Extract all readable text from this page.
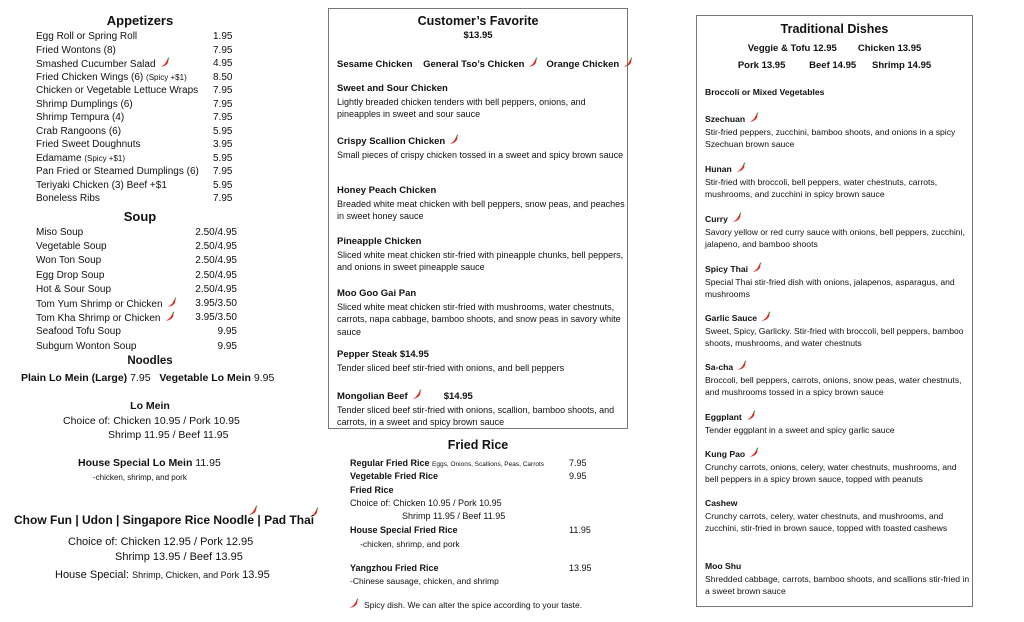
Appetizers
Egg Roll or Spring Roll	1.95
Fried Wontons (8)	7.95
Smashed Cucumber Salad	4.95
Fried Chicken Wings (6) (Spicy +$1)	8.50
Chicken or Vegetable Lettuce Wraps 7.95
Shrimp Dumplings (6)	7.95
Shrimp Tempura (4)	7.95
Crab Rangoons (6)	5.95
Fried Sweet Doughnuts	3.95
Edamame (Spicy +$1)	5.95
Pan Fried or Steamed Dumplings (6) 7.95
Teriyaki Chicken (3) Beef +$1	5.95
Boneless Ribs	7.95
Soup
Miso Soup	2.50/4.95
Vegetable Soup	2.50/4.95
Won Ton Soup	2.50/4.95
Egg Drop Soup	2.50/4.95
Hot & Sour Soup	2.50/4.95
Tom Yum Shrimp or Chicken	3.95/3.50
Tom Kha Shrimp or Chicken	3.95/3.50
Seafood Tofu Soup	9.95
Subgum Wonton Soup	9.95
Noodles
Plain Lo Mein (Large) 7.95 Vegetable Lo Mein 9.95
Lo Mein
Choice of: Chicken 10.95 / Pork 10.95
Shrimp 11.95 / Beef 11.95
House Special Lo Mein 11.95
-chicken, shrimp, and pork
Chow Fun | Udon | Singapore Rice Noodle | Pad Thai
Choice of: Chicken 12.95 / Pork 12.95
Shrimp 13.95 / Beef 13.95
House Special: Shrimp, Chicken, and Pork 13.95
Customer’s Favorite
$13.95
Sesame Chicken General Tso’s Chicken Orange Chicken
Sweet and Sour Chicken
Lightly breaded chicken tenders with bell peppers, onions, and pineapples in sweet and sour sauce
Crispy Scallion Chicken
Small pieces of crispy chicken tossed in a sweet and spicy brown sauce
Honey Peach Chicken
Breaded white meat chicken with bell peppers, snow peas, and peaches in sweet honey sauce
Pineapple Chicken
Sliced white meat chicken stir-fried with pineapple chunks, bell peppers, and onions in sweet pineapple sauce
Moo Goo Gai Pan
Sliced white meat chicken stir-fried with mushrooms, water chestnuts, carrots, napa cabbage, bamboo shoots, and snow peas in savory white sauce
Pepper Steak $14.95
Tender sliced beef stir-fried with onions, and bell peppers
Mongolian Beef	$14.95
Tender sliced beef stir-fried with onions, scallion, bamboo shoots, and carrots, in a sweet and spicy brown sauce
Fried Rice
Regular Fried Rice Eggs, Onions, Scallions, Peas, Carrots	7.95
Vegetable Fried Rice	9.95
Fried Rice
Choice of: Chicken 10.95 / Pork 10.95
Shrimp 11.95 / Beef 11.95
House Special Fried Rice	11.95
-chicken, shrimp, and pork
Yangzhou Fried Rice	13.95
-Chinese sausage, chicken, and shrimp
Spicy dish. We can alter the spice according to your taste.
Traditional Dishes
Veggie & Tofu 12.95 Chicken 13.95
Pork 13.95	Beef 14.95 Shrimp 14.95
Broccoli or Mixed Vegetables
Szechuan
Stir-fried peppers, zucchini, bamboo shoots, and onions in a spicy Szechuan brown sauce
Hunan
Stir-fried with broccoli, bell peppers, water chestnuts, carrots, mushrooms, and zucchini in spicy brown sauce
Curry
Savory yellow or red curry sauce with onions, bell peppers, zucchini, jalapeno, and bamboo shoots
Spicy Thai
Special Thai stir-fried dish with onions, jalapenos, asparagus, and mushrooms
Garlic Sauce
Sweet, Spicy, Garlicky. Stir-fried with broccoli, bell peppers, bamboo shoots, mushrooms, and water chestnuts
Sa-cha
Broccoli, bell peppers, carrots, onions, snow peas, water chestnuts, and mushrooms tossed in a spicy brown sauce
Eggplant
Tender eggplant in a sweet and spicy garlic sauce
Kung Pao
Crunchy carrots, onions, celery, water chestnuts, mushrooms, and bell peppers in a spicy brown sauce, topped with peanuts
Cashew
Crunchy carrots, celery, water chestnuts, and mushrooms, and zucchini, stir-fried in brown sauce, topped with toasted cashews
Moo Shu
Shredded cabbage, carrots, bamboo shoots, and scallions stir-fried in a sweet brown sauce
